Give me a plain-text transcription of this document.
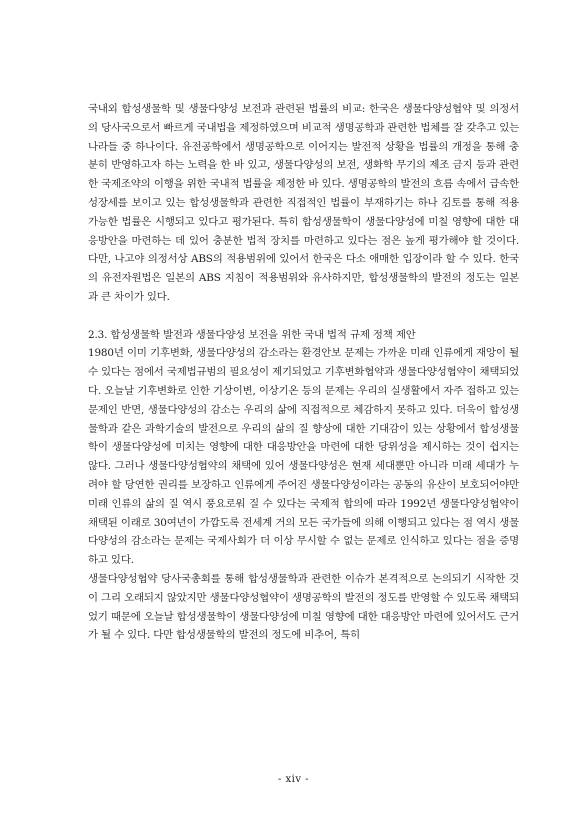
국내외 합성생물학 및 생물다양성 보전과 관련된 법률의 비교: 한국은 생물다양성협약 및 의정서의 당사국으로서 빠르게 국내법을 제정하였으며 비교적 생명공학과 관련한 법체를 잘 갖추고 있는 나라들 중 하나이다. 유전공학에서 생명공학으로 이어지는 발전적 상황을 법률의 개정을 통해 충분히 반영하고자 하는 노력을 한 바 있고, 생물다양성의 보전, 생화학 무기의 제조 금지 등과 관련한 국제조약의 이행을 위한 국내적 법률을 제정한 바 있다. 생명공학의 발전의 흐름 속에서 급속한 성장세를 보이고 있는 합성생물학과 관련한 직접적인 법률이 부재하기는 하나 김토를 통해 적용 가능한 법률은 시행되고 있다고 평가된다. 특히 합성생물학이 생물다양성에 미칠 영향에 대한 대응방안을 마련하는 데 있어 충분한 법적 장치를 마련하고 있다는 점은 높게 평가해야 할 것이다. 다만, 나고야 의정서상 ABS의 적용범위에 있어서 한국은 다소 애매한 입장이라 할 수 있다. 한국의 유전자원법은 일본의 ABS 지침이 적용범위와 유사하지만, 합성생물학의 발전의 정도는 일본과 큰 차이가 있다.

2.3. 합성생물학 발전과 생물다양성 보전을 위한 국내 법적 규제 정책 제안

1980년 이미 기후변화, 생물다양성의 감소라는 환경안보 문제는 가까운 미래 인류에게 재앙이 될 수 있다는 점에서 국제법규범의 필요성이 제기되었고 기후변화협약과 생물다양성협약이 채택되었다. 오늘날 기후변화로 인한 기상이변, 이상기온 등의 문제는 우리의 실생활에서 자주 접하고 있는 문제인 반면, 생물다양성의 감소는 우리의 삶에 직접적으로 체감하지 못하고 있다. 더욱이 합성생물학과 같은 과학기술의 발전으로 우리의 삶의 질 향상에 대한 기대감이 있는 상황에서 합성생물학이 생물다양성에 미치는 영향에 대한 대응방안을 마련에 대한 당위성을 제시하는 것이 쉽지는 않다. 그러나 생물다양성협약의 채택에 있어 생물다양성은 현재 세대뿐만 아니라 미래 세대가 누려야 할 당연한 권리를 보장하고 인류에게 주어진 생물다양성이라는 공동의 유산이 보호되어야만 미래 인류의 삶의 질 역시 풍요로워 질 수 있다는 국제적 합의에 따라 1992년 생물다양성협약이 채택된 이래로 30여년이 가깝도록 전세계 거의 모든 국가들에 의해 이행되고 있다는 점 역시 생물다양성의 감소라는 문제는 국제사회가 더 이상 무시할 수 없는 문제로 인식하고 있다는 점을 증명하고 있다.

생물다양성협약 당사국총회를 통해 합성생물학과 관련한 이슈가 본격적으로 논의되기 시작한 것이 그리 오래되지 않았지만 생물다양성협약이 생명공학의 발전의 정도를 반영할 수 있도록 채택되었기 때문에 오늘날 합성생물학이 생물다양성에 미칠 영향에 대한 대응방안 마련에 있어서도 근거가 될 수 있다. 다만 합성생물학의 발전의 정도에 비추어, 특히

- xiv -
